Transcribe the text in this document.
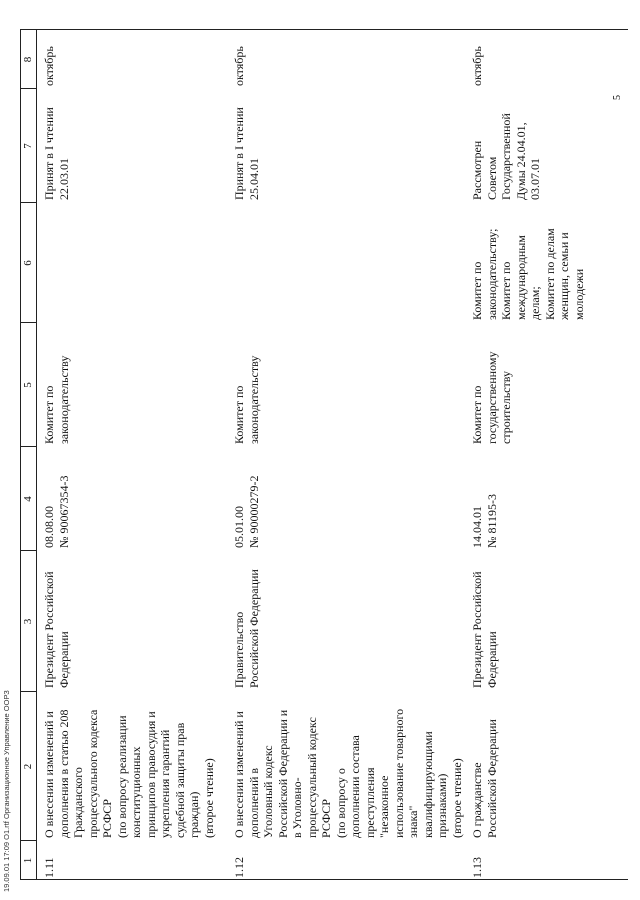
1
2
3
4
5
6
7
8
1.11
О внесении изменений и
дополнения в статью 208
Гражданского
процессуального кодекса
РСФСР
(по вопросу реализации
конституционных
принципов правосудия и
укрепления гарантий
судебной защиты прав
граждан)
(второе чтение)
Президент Российской
Федерации
08.08.00
№ 90067354-3
Комитет по
законодательству
Принят в I чтении
22.03.01
октябрь
1.12
О внесении изменений и
дополнений в
Уголовный кодекс
Российской Федерации и
в Уголовно-
процессуальный кодекс
РСФСР
(по вопросу о
дополнении состава
преступления
"незаконное
использование товарного
знака"
квалифицирующими
признаками)
(второе чтение)
Правительство
Российской Федерации
05.01.00
№ 90000279-2
Комитет по
законодательству
Принят в I чтении
25.04.01
октябрь
1.13
О гражданстве
Российской Федерации
Президент Российской
Федерации
14.04.01
№ 81195-3
Комитет по
государственному
строительству
Комитет по
законодательству;
Комитет по
международным
делам;
Комитет по делам
женщин, семьи и
молодежи
Рассмотрен
Советом
Государственной
Думы 24.04.01,
03.07.01
октябрь
5
19.09.01 17:09 О1.rtf Организационное Управление ООРЗ
